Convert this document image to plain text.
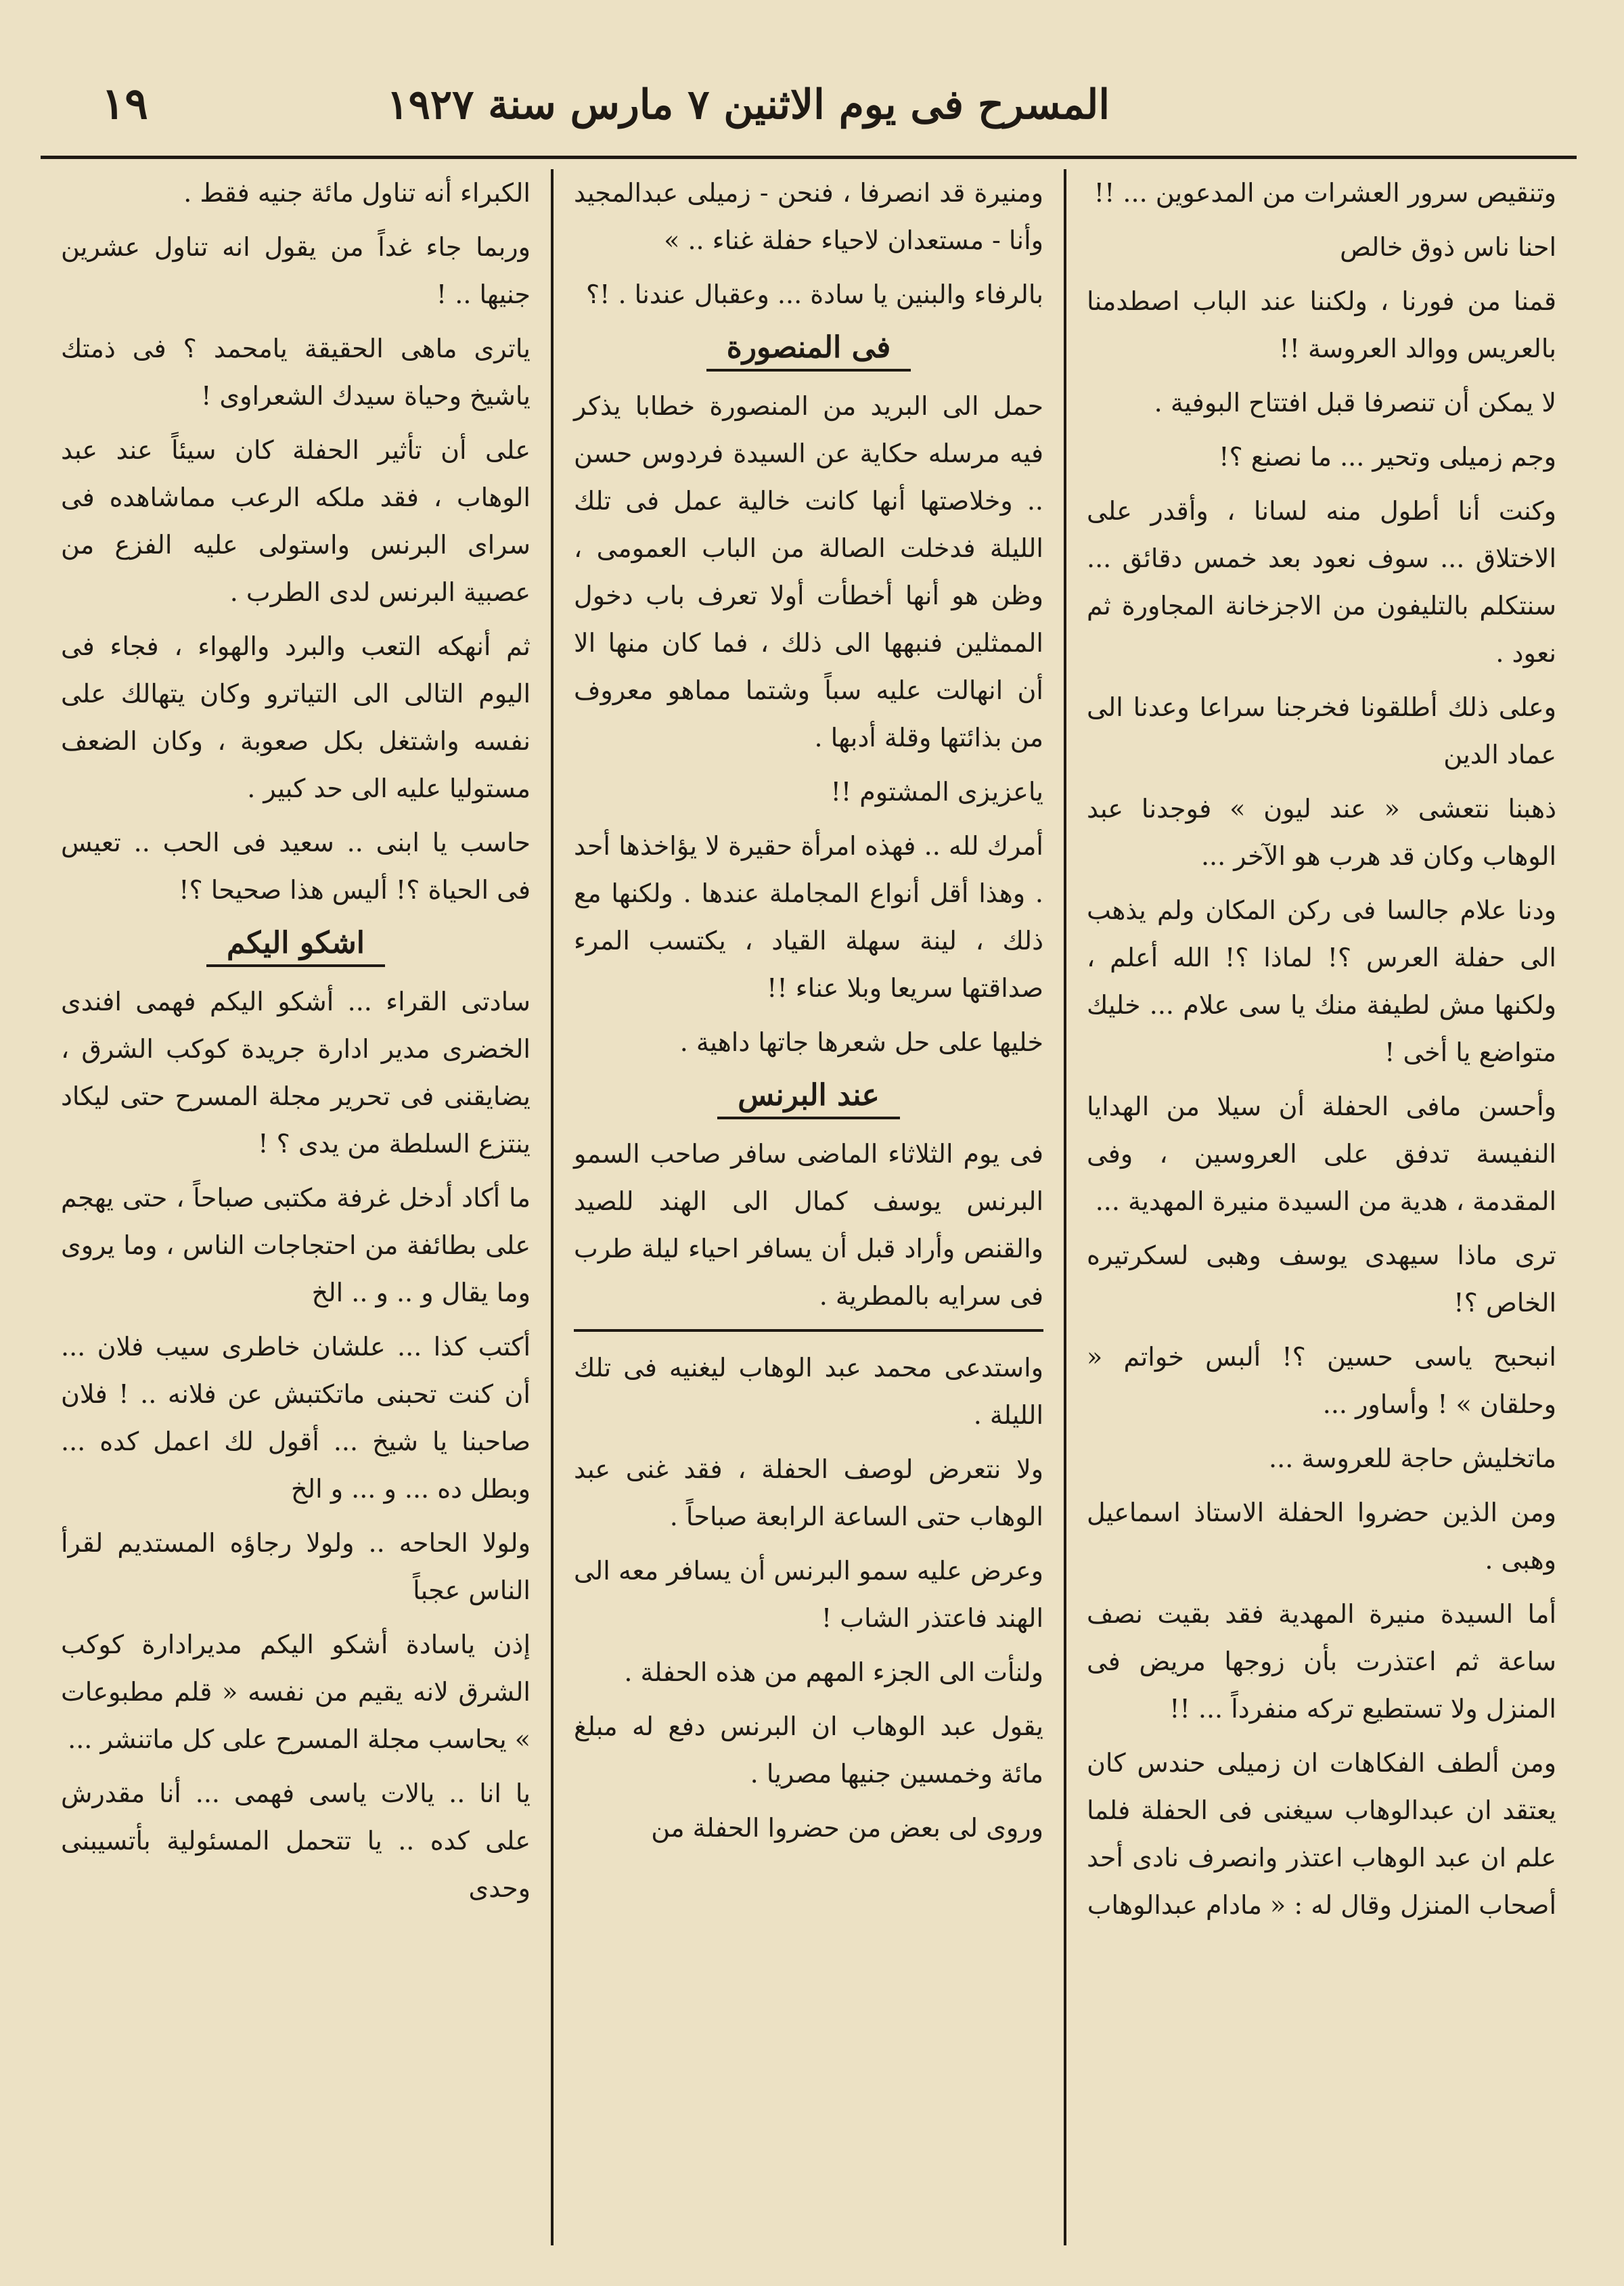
المسرح فى يوم الاثنين ٧ مارس سنة ١٩٢٧
١٩

وتنقيص سرور العشرات من المدعوين ... !!

احنا ناس ذوق خالص

قمنا من فورنا ، ولكننا عند الباب اصطدمنا بالعريس ووالد العروسة !!

لا يمكن أن تنصرفا قبل افتتاح البوفية .

وجم زميلى وتحير ... ما نصنع ؟!

وكنت أنا أطول منه لسانا ، وأقدر على الاختلاق ... سوف نعود بعد خمس دقائق ... سنتكلم بالتليفون من الاجزخانة المجاورة ثم نعود .

وعلى ذلك أطلقونا فخرجنا سراعا وعدنا الى عماد الدين

ذهبنا نتعشى « عند ليون » فوجدنا عبد الوهاب وكان قد هرب هو الآخر ...

ودنا علام جالسا فى ركن المكان ولم يذهب الى حفلة العرس ؟! لماذا ؟! الله أعلم ، ولكنها مش لطيفة منك يا سى علام ... خليك متواضع يا أخى !

وأحسن مافى الحفلة أن سيلا من الهدايا النفيسة تدفق على العروسين ، وفى المقدمة ، هدية من السيدة منيرة المهدية ...

ترى ماذا سيهدى يوسف وهبى لسكرتيره الخاص ؟!

انبحبح ياسى حسين ؟! ألبس خواتم « وحلقان » ! وأساور ...

ماتخليش حاجة للعروسة ...

ومن الذين حضروا الحفلة الاستاذ اسماعيل وهبى .

أما السيدة منيرة المهدية فقد بقيت نصف ساعة ثم اعتذرت بأن زوجها مريض فى المنزل ولا تستطيع تركه منفرداً ... !!

ومن ألطف الفكاهات ان زميلى حندس كان يعتقد ان عبدالوهاب سيغنى فى الحفلة فلما علم ان عبد الوهاب اعتذر وانصرف نادى أحد أصحاب المنزل وقال له : « مادام عبدالوهاب

ومنيرة قد انصرفا ، فنحن - زميلى عبدالمجيد وأنا - مستعدان لاحياء حفلة غناء .. »

بالرفاء والبنين يا سادة ... وعقبال عندنا . !؟

فى المنصورة

حمل الى البريد من المنصورة خطابا يذكر فيه مرسله حكاية عن السيدة فردوس حسن .. وخلاصتها أنها كانت خالية عمل فى تلك الليلة فدخلت الصالة من الباب العمومى ، وظن هو أنها أخطأت أولا تعرف باب دخول الممثلين فنبهها الى ذلك ، فما كان منها الا أن انهالت عليه سباً وشتما مماهو معروف من بذائتها وقلة أدبها .

ياعزيزى المشتوم !!

أمرك لله .. فهذه امرأة حقيرة لا يؤاخذها أحد . وهذا أقل أنواع المجاملة عندها . ولكنها مع ذلك ، لينة سهلة القياد ، يكتسب المرء صداقتها سريعا وبلا عناء !!

خليها على حل شعرها جاتها داهية .

عند البرنس

فى يوم الثلاثاء الماضى سافر صاحب السمو البرنس يوسف كمال الى الهند للصيد والقنص وأراد قبل أن يسافر احياء ليلة طرب فى سرايه بالمطرية .

واستدعى محمد عبد الوهاب ليغنيه فى تلك الليلة .

ولا نتعرض لوصف الحفلة ، فقد غنى عبد الوهاب حتى الساعة الرابعة صباحاً .

وعرض عليه سمو البرنس أن يسافر معه الى الهند فاعتذر الشاب !

ولنأت الى الجزء المهم من هذه الحفلة .

يقول عبد الوهاب ان البرنس دفع له مبلغ مائة وخمسين جنيها مصريا .

وروى لى بعض من حضروا الحفلة من

الكبراء أنه تناول مائة جنيه فقط .

وربما جاء غداً من يقول انه تناول عشرين جنيها .. !

ياترى ماهى الحقيقة يامحمد ؟ فى ذمتك ياشيخ وحياة سيدك الشعراوى !

على أن تأثير الحفلة كان سيئاً عند عبد الوهاب ، فقد ملكه الرعب مماشاهده فى سراى البرنس واستولى عليه الفزع من عصبية البرنس لدى الطرب .

ثم أنهكه التعب والبرد والهواء ، فجاء فى اليوم التالى الى التياترو وكان يتهالك على نفسه واشتغل بكل صعوبة ، وكان الضعف مستوليا عليه الى حد كبير .

حاسب يا ابنى .. سعيد فى الحب .. تعيس فى الحياة ؟! أليس هذا صحيحا ؟!

اشكو اليكم

سادتى القراء ... أشكو اليكم فهمى افندى الخضرى مدير ادارة جريدة كوكب الشرق ، يضايقنى فى تحرير مجلة المسرح حتى ليكاد ينتزع السلطة من يدى ؟ !

ما أكاد أدخل غرفة مكتبى صباحاً ، حتى يهجم على بطائفة من احتجاجات الناس ، وما يروى وما يقال و .. و .. الخ

أكتب كذا ... علشان خاطرى سيب فلان ... أن كنت تحبنى ماتكتبش عن فلانه .. ! فلان صاحبنا يا شيخ ... أقول لك اعمل كده ... وبطل ده ... و ... و الخ

ولولا الحاحه .. ولولا رجاؤه المستديم لقرأ الناس عجباً

إذن ياسادة أشكو اليكم مديرادارة كوكب الشرق لانه يقيم من نفسه « قلم مطبوعات » يحاسب مجلة المسرح على كل ماتنشر ...

يا انا .. يالات ياسى فهمى ... أنا مقدرش على كده .. يا تتحمل المسئولية بأتسيبنى وحدى
